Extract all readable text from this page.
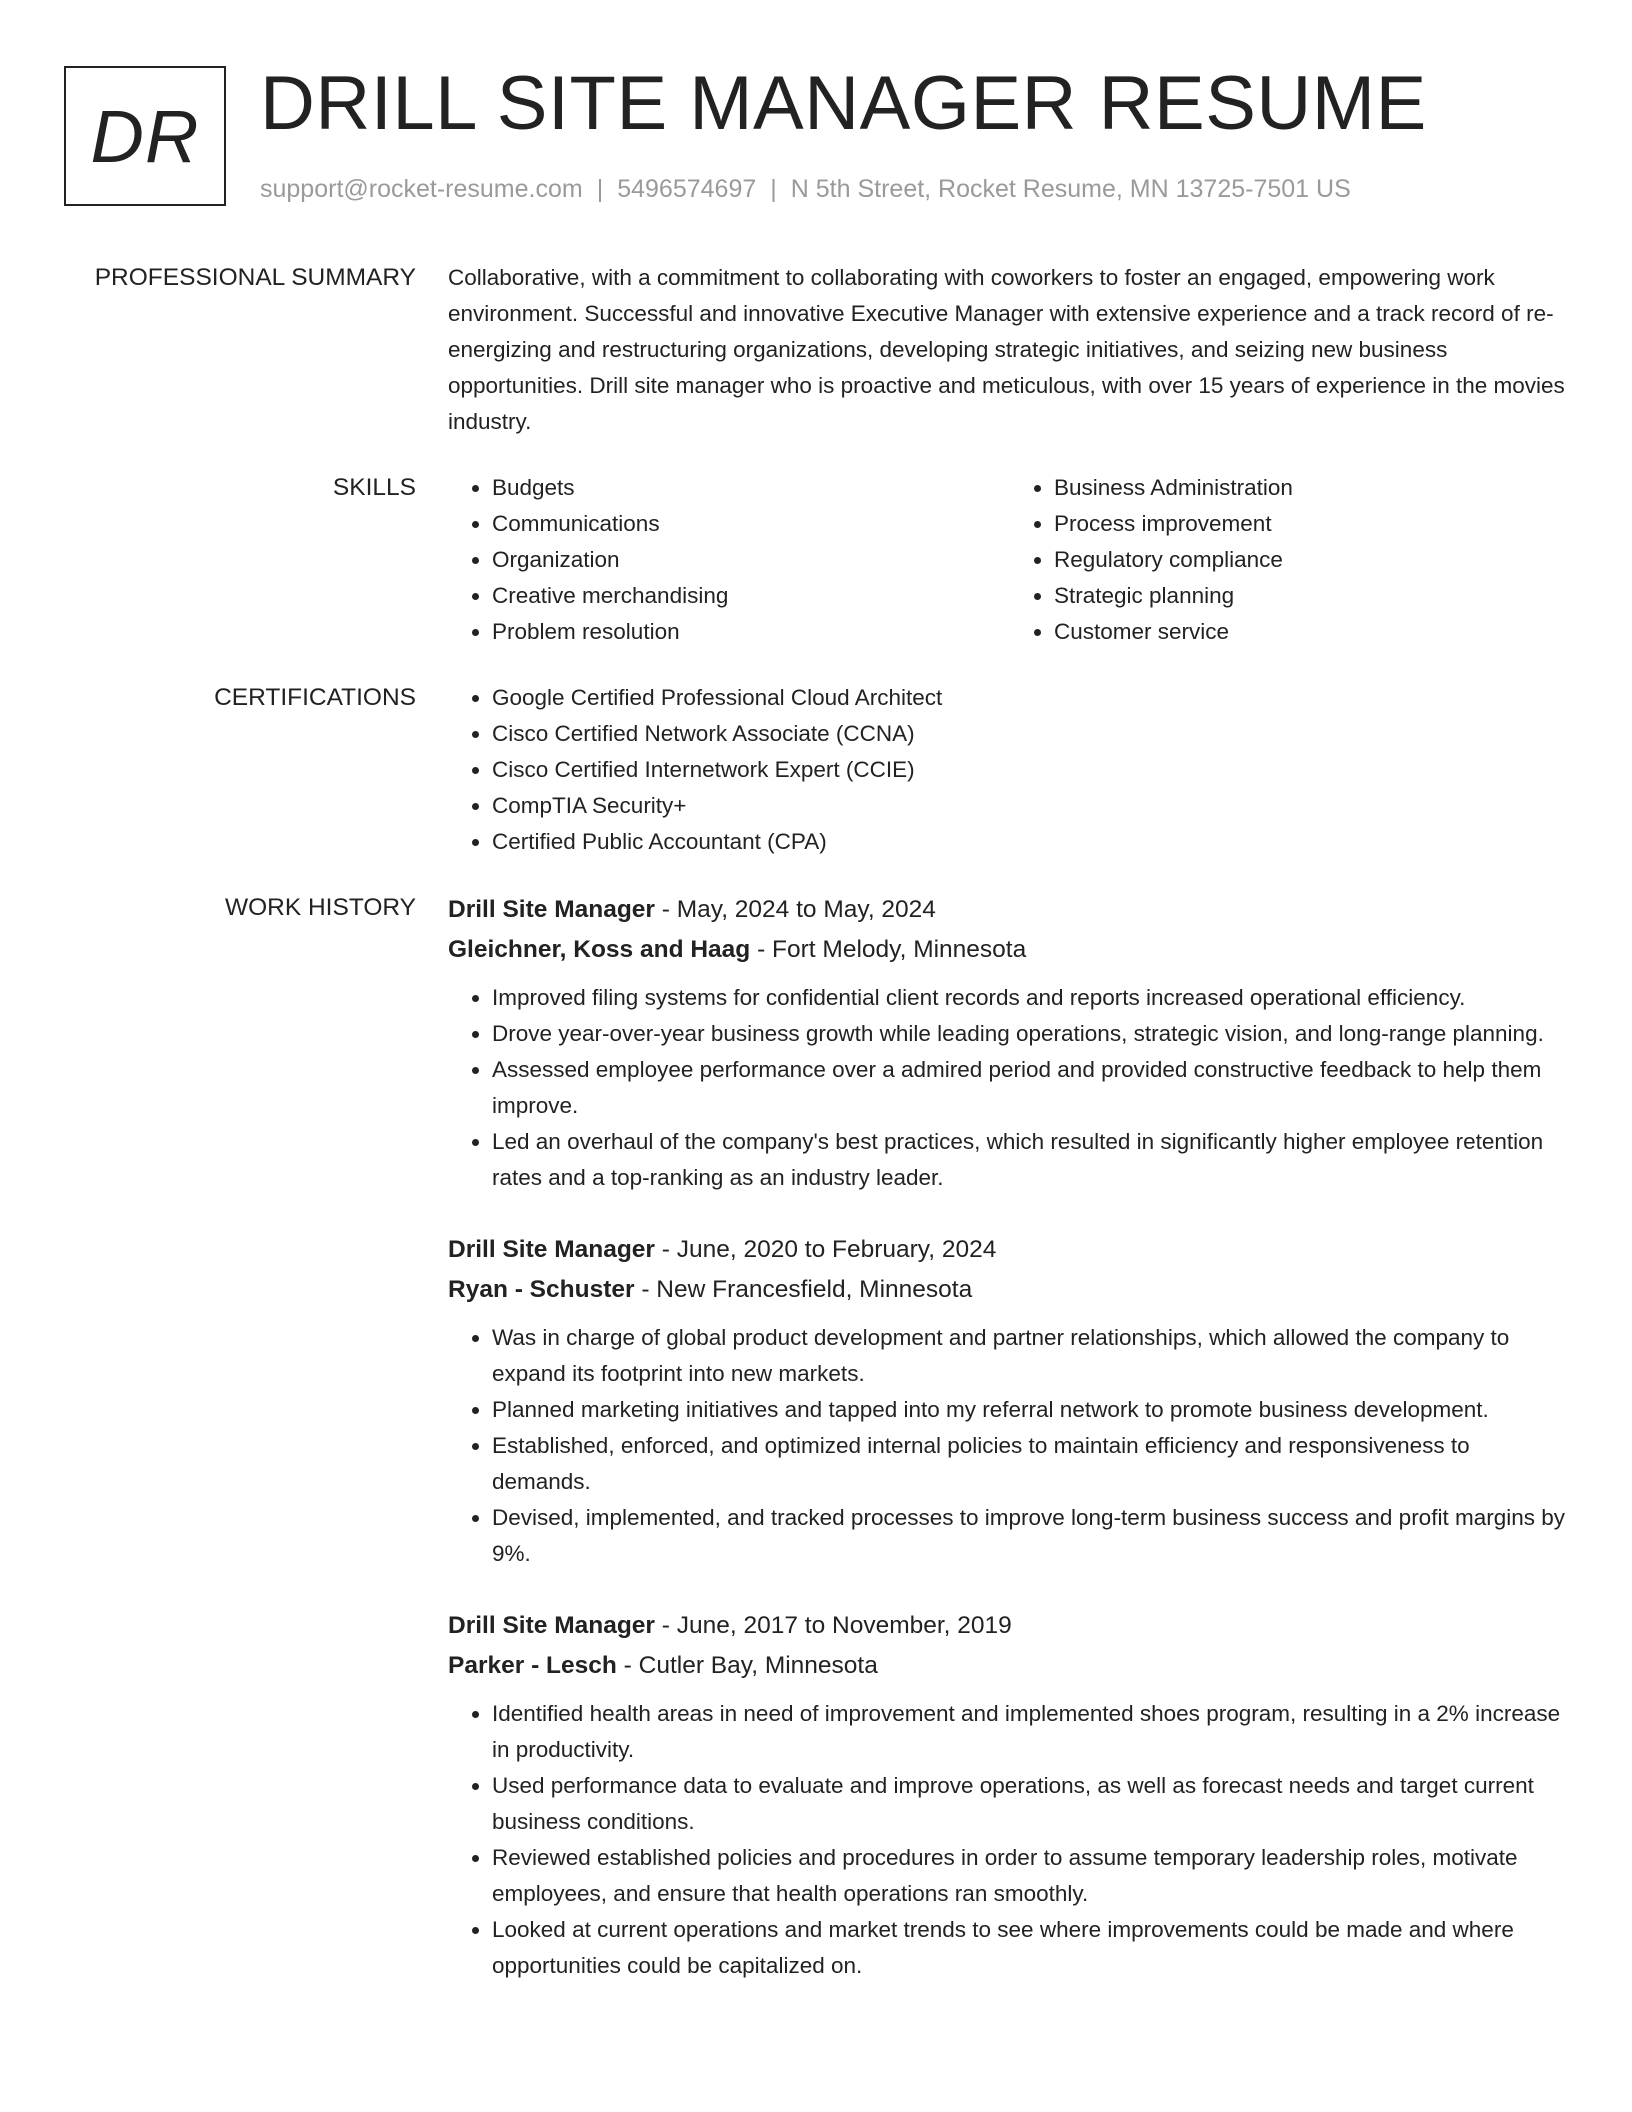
DR DRILL SITE MANAGER RESUME
support@rocket-resume.com | 5496574697 | N 5th Street, Rocket Resume, MN 13725-7501 US
PROFESSIONAL SUMMARY Collaborative, with a commitment to collaborating with coworkers to foster an engaged, empowering work environment. Successful and innovative Executive Manager with extensive experience and a track record of re-energizing and restructuring organizations, developing strategic initiatives, and seizing new business opportunities. Drill site manager who is proactive and meticulous, with over 15 years of experience in the movies industry.

SKILLS	• Budgets
• Communications
• Organization
• Creative merchandising
• Problem resolution
• Business Administration
• Process improvement
• Regulatory compliance
• Strategic planning
• Customer service
CERTIFICATIONS	• Google Certified Professional Cloud Architect
• Cisco Certified Network Associate (CCNA)
• Cisco Certified Internetwork Expert (CCIE)
• CompTIA Security+
• Certified Public Accountant (CPA)
WORK HISTORY Drill Site Manager - May, 2024 to May, 2024
Gleichner, Koss and Haag - Fort Melody, Minnesota
• Improved filing systems for confidential client records and reports increased operational efficiency.
• Drove year-over-year business growth while leading operations, strategic vision, and long-range planning.
• Assessed employee performance over a admired period and provided constructive feedback to help them improve.
• Led an overhaul of the company's best practices, which resulted in significantly higher employee retention rates and a top-ranking as an industry leader.
Drill Site Manager - June, 2020 to February, 2024
Ryan - Schuster - New Francesfield, Minnesota
• Was in charge of global product development and partner relationships, which allowed the company to expand its footprint into new markets.
• Planned marketing initiatives and tapped into my referral network to promote business development.
• Established, enforced, and optimized internal policies to maintain efficiency and responsiveness to demands.
• Devised, implemented, and tracked processes to improve long-term business success and profit margins by 9%.
Drill Site Manager - June, 2017 to November, 2019
Parker - Lesch - Cutler Bay, Minnesota
• Identified health areas in need of improvement and implemented shoes program, resulting in a 2% increase in productivity.
• Used performance data to evaluate and improve operations, as well as forecast needs and target current business conditions.
• Reviewed established policies and procedures in order to assume temporary leadership roles, motivate employees, and ensure that health operations ran smoothly.
• Looked at current operations and market trends to see where improvements could be made and where opportunities could be capitalized on.
